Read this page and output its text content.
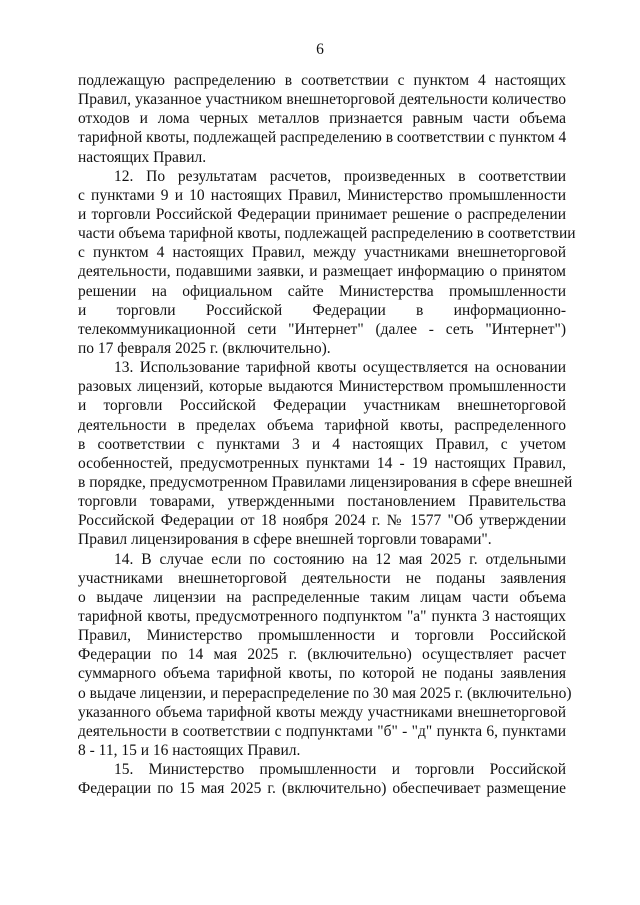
6
подлежащую распределению в соответствии с пунктом 4 настоящих
Правил, указанное участником внешнеторговой деятельности количество
отходов и лома черных металлов признается равным части объема
тарифной квоты, подлежащей распределению в соответствии с пунктом 4
настоящих Правил.
12. По результатам расчетов, произведенных в соответствии
с пунктами 9 и 10 настоящих Правил, Министерство промышленности
и торговли Российской Федерации принимает решение о распределении
части объема тарифной квоты, подлежащей распределению в соответствии
с пунктом 4 настоящих Правил, между участниками внешнеторговой
деятельности, подавшими заявки, и размещает информацию о принятом
решении на официальном сайте Министерства промышленности
и торговли Российской Федерации в информационно-
телекоммуникационной сети "Интернет" (далее - сеть "Интернет")
по 17 февраля 2025 г. (включительно).
13. Использование тарифной квоты осуществляется на основании
разовых лицензий, которые выдаются Министерством промышленности
и торговли Российской Федерации участникам внешнеторговой
деятельности в пределах объема тарифной квоты, распределенного
в соответствии с пунктами 3 и 4 настоящих Правил, с учетом
особенностей, предусмотренных пунктами 14 - 19 настоящих Правил,
в порядке, предусмотренном Правилами лицензирования в сфере внешней
торговли товарами, утвержденными постановлением Правительства
Российской Федерации от 18 ноября 2024 г. № 1577 "Об утверждении
Правил лицензирования в сфере внешней торговли товарами".
14. В случае если по состоянию на 12 мая 2025 г. отдельными
участниками внешнеторговой деятельности не поданы заявления
о выдаче лицензии на распределенные таким лицам части объема
тарифной квоты, предусмотренного подпунктом "а" пункта 3 настоящих
Правил, Министерство промышленности и торговли Российской
Федерации по 14 мая 2025 г. (включительно) осуществляет расчет
суммарного объема тарифной квоты, по которой не поданы заявления
о выдаче лицензии, и перераспределение по 30 мая 2025 г. (включительно)
указанного объема тарифной квоты между участниками внешнеторговой
деятельности в соответствии с подпунктами "б" - "д" пункта 6, пунктами
8 - 11, 15 и 16 настоящих Правил.
15. Министерство промышленности и торговли Российской
Федерации по 15 мая 2025 г. (включительно) обеспечивает размещение
